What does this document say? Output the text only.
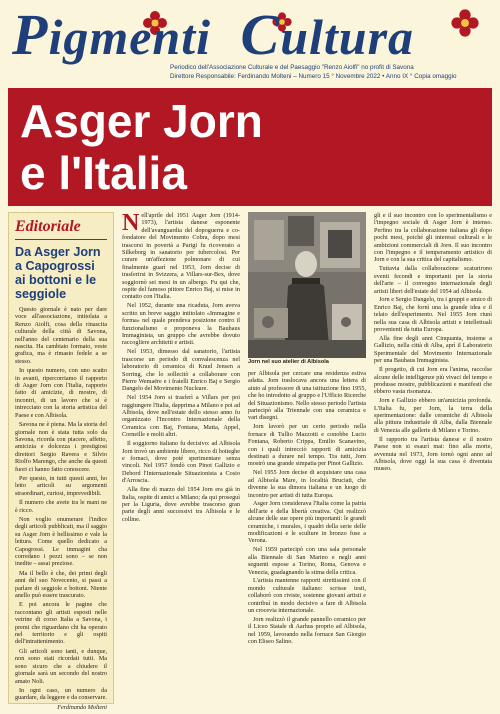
Pigmenti Cultura
Periodico dell'Associazione Culturale e del Paesaggio "Renzo Aiolfi" no profit di Savona
Direttore Responsabile: Ferdinando Molteni – Numero 15 ° Novembre 2022 • Anno IX ° Copia omaggio
Asger Jorn
e l'Italia
Editoriale
Da Asger Jorn a Capogrossi ai bottoni e le seggiole

Questo giornale è nato per dare voce all'associazione, intitolata a Renzo Aiolfi, cosa della rinascita culturale della città di Savona, nell'anno del centenario della sua nascita. Ha cambiato formato, veste grafica, ma è rimasto fedele a se stesso.

In questo numero, con uno scatto in avanti, ripercorriamo il rapporto di Asger Jorn con l'Italia, rapporto fatto di amicizie, di mostre, di incontri, di un lavoro che si è intrecciato con la storia artistica del Paese e con Albisola.

Savona ne è piena. Ma la storia del giornale non è stata tutta solo da Savona, ricorda con piacere, affetto, amicizia e dolcezza i prestigiosi direttori Sergio Ravera e Silvio Riolfo Marengo, che anche da questi fuori ci hanno fatto conoscere.

Per questo, in tutti questi anni, ho letto articoli su argomenti straordinari, curiosi, imprevedibili.

Il numero che avete tra le mani ne è ricco.

Non voglio enumerare l'indice degli articoli pubblicati, ma il saggio su Asger Jorn è bellissimo e vale la lettura. Come quello dedicato a Capogrossi. Le immagini cha corredano i pezzi sono – se non inedite – assai preziose.

Ma il bello è che, dei primi degli anni del suo Novecento, si passi a parlare di seggiole e bottoni. Niente anello può essere trascurato.

E poi ancora le pagine che raccontano gli artisti esposti nelle vetrine di corso Italia a Savona, i premi che riguardano chi ha operato nel territorio e gli ospiti dell'intrattenimento.

Gli articoli sono tanti, e dunque, non sono stati ricordati tutti. Ma sono sicuro che a chiudere il giornale sarà un secondo del nostro amato Noli.

In ogni caso, un numero da guardare, da leggere e da conservare.

Ferdinando Molteni
N ell'aprile del 1951 Asger Jorn (1914-1973), l'artista danese esponente dell'avanguardia del dopoguerra e co-fondatore del Movimento Cobra, dopo mesi trascorsi in povertà a Parigi fu ricoverato a Silkeborg in sanatorio per tubercolosi. Per curare un'affezione polmonare di cui finalmente guarì nel 1953, Jorn decise di trasferirsi in Svizzera, a Villars-sur-Bex, dove soggiornò sei mesi in un albergo. Fu qui che, ospite del famoso pittore Enrico Baj, si mise in contatto con l'Italia.

Nel 1952, durante una ricaduta, Jorn aveva scritto un breve saggio intitolato «Immagine e forma» nel quale prendeva posizione contro il funzionalismo e proponeva la Bauhaus Immaginista, un gruppo che avrebbe dovuto raccogliere architetti e artisti.

Nel 1953, dimesso dal sanatorio, l'artista trascorse un periodo di convalescenza nel laboratorio di ceramica di Knud Jensen a Sorring, che lo sollecitò a collaborare con Pierre Wemaëre e i fratelli Enrico Baj e Sergio Dangelo del Movimento Nucleare.

Nel 1954 Jorn si trasferì a Villars per poi raggiungere l'Italia, dapprima a Milano e poi ad Albisola, dove nell'estate dello stesso anno fu organizzato l'Incontro Internazionale della Ceramica con Baj, Fontana, Matta, Appel, Corneille e molti altri.

Il soggiorno italiano fu decisivo: ad Albisola Jorn trovò un ambiente libero, ricco di botteghe e fornaci, dove poté sperimentare senza vincoli. Nel 1957 fondò con Pinot Gallizio e Debord l'Internazionale Situazionista a Cosio d'Arroscia.

Alla fine di marzo del 1954 Jorn era già in Italia, ospite di amici a Milano; da qui proseguì per la Liguria, dove avrebbe trascorso gran parte degli anni successivi tra Albisola e le colline.

Jorn nel suo atelier di Albisola

per Albisola per cercare una residenza estiva adatta. Jorn traslocava ancora una lettera di aiuto al professore di una istituzione fino 1955, che ho introdotto al gruppo e l'Ufficio Ricerche del Situazionismo. Nello stesso periodo l'artista partecipò alla Triennale con una ceramica e vari disegni.

Jorn lavorò per un certo periodo nella fornace di Tullio Mazzotti e conobbe Lucio Fontana, Roberto Crippa, Emilio Scanavino, con i quali intrecciò rapporti di amicizia destinati a durare nel tempo. Tra tutti, Jorn mostrò una grande simpatia per Pinot Gallizio.

Nel 1955 Jorn decise di acquistare una casa ad Albisola Mare, in località Bruciati, che divenne la sua dimora italiana e un luogo di incontro per artisti di tutta Europa.

Asger Jorn considerava l'Italia come la patria dell'arte e della libertà creativa. Qui realizzò alcune delle sue opere più importanti: le grandi ceramiche, i murales, i quadri della serie delle modificazioni e le sculture in bronzo fuse a Verona.

Nel 1959 partecipò con una sala personale alla Biennale di San Marino e negli anni seguenti espose a Torino, Roma, Genova e Venezia, guadagnando la stima della critica.

L'artista mantenne rapporti strettissimi con il mondo culturale italiano: scrisse testi, collaborò con riviste, sostenne giovani artisti e contribuì in modo decisivo a fare di Albisola un crocevia internazionale.

Jorn realizzò il grande pannello ceramico per il Liceo Statale di Aarhus proprio ad Albisola, nel 1959, lavorando nella fornace San Giorgio con Eliseo Salino.

gli e il suo incontro con lo sperimentalismo e l'impegno sociale di Asger Jorn è intenso. Perfino tra la collaborazione italiana gli dopo pochi mesi, poiché gli interessi culturali e le ambizioni commerciali di Jorn. Il suo incontro con l'impegno e il temperamento artistico di Jorn e con la sua critica del capitalismo.

Tuttavia dalla collaborazione scaturirono eventi fecondi e importanti per la storia dell'arte – il convegno internazionale degli artisti liberi dell'estate del 1954 ad Albisola.

Jorn e Sergio Dangelo, tra i gruppi e amico di Enrico Baj, che fornì una la grande idea e il telaio dell'esperimento. Nel 1955 Jorn riunì nella sua casa di Albisola artisti e intellettuali provenienti da tutta Europa.

Alla fine degli anni Cinquanta, insieme a Gallizio, nella città di Alba, aprì il Laboratorio Sperimentale del Movimento Internazionale per una Bauhaus Immaginista.

Il progetto, di cui Jorn era l'anima, raccolse alcune delle intelligenze più vivaci del tempo e produsse mostre, pubblicazioni e manifesti che ebbero vasta risonanza.

Jorn e Gallizio ebbero un'amicizia profonda. L'Italia fu, per Jorn, la terra della sperimentazione: dalle ceramiche di Albisola alla pittura industriale di Alba, dalla Biennale di Venezia alle gallerie di Milano e Torino.

Il rapporto tra l'artista danese e il nostro Paese non si esaurì mai: fino alla morte, avvenuta nel 1973, Jorn tornò ogni anno ad Albisola, dove oggi la sua casa è diventata museo.
